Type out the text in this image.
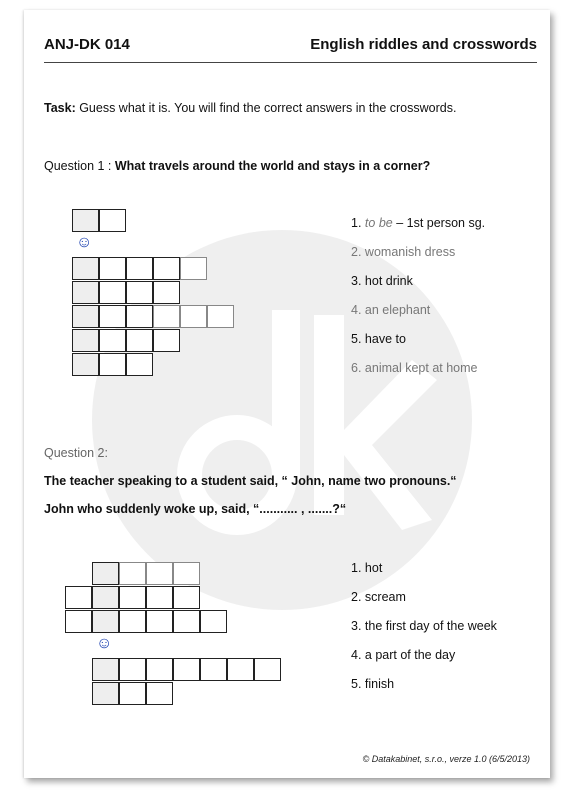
ANJ-DK 014	English riddles and crosswords
Task: Guess what it is. You will find the correct answers in the crosswords.
Question 1 : What travels around the world and stays in a corner?
☺
1. to be – 1st person sg.
2. womanish dress
3. hot drink
4. an elephant
5. have to
6. animal kept at home
Question 2:
The teacher speaking to a student said, “ John, name two pronouns.“
John who suddenly woke up, said, “........... , .......?“
☺
1. hot
2. scream
3. the first day of the week
4. a part of the day
5. finish
© Datakabinet, s.r.o., verze 1.0 (6/5/2013)
